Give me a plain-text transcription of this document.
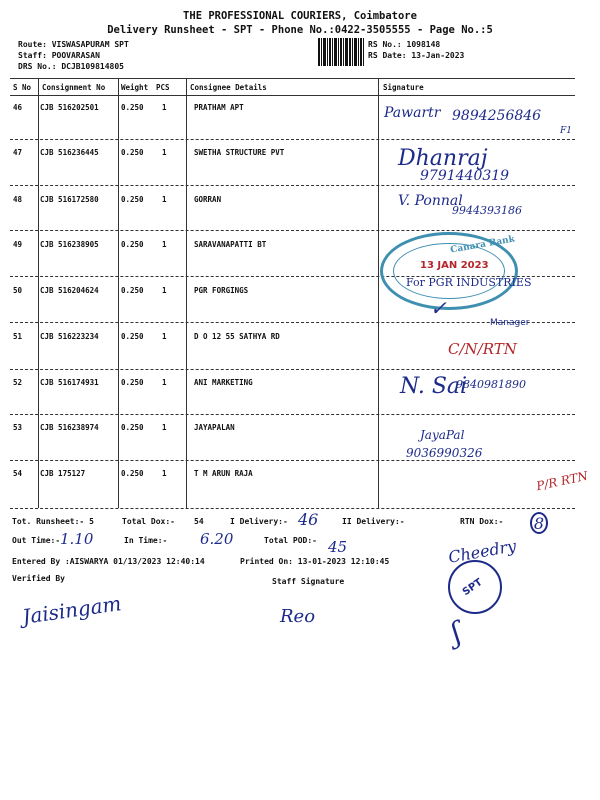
THE PROFESSIONAL COURIERS, Coimbatore
Delivery Runsheet - SPT - Phone No.:0422-3505555 - Page No.:5
Route: VISWASAPURAM SPT
Staff: POOVARASAN
DRS No.: DCJB109814805
RS No.: 1098148
RS Date: 13-Jan-2023
S No Consignment No Weight PCS	Consignee Details	Signature
46 CJB 516202501	0.250 1	PRATHAM APT
47 CJB 516236445	0.250 1	SWETHA STRUCTURE PVT
48 CJB 516172580	0.250 1	GORRAN
49 CJB 516238905	0.250 1	SARAVANAPATTI BT
50 CJB 516204624	0.250 1	PGR FORGINGS
51 CJB 516223234	0.250 1	D O 12 55 SATHYA RD
52 CJB 516174931	0.250 1	ANI MARKETING
53 CJB 516238974	0.250 1	JAYAPALAN
54 CJB 175127	0.250 1	T M ARUN RAJA
Pawartr 9894256846
F1
Dhanraj
9791440319
V. Ponnal
9944393186
Canara Bank
13 JAN 2023
For PGR INDUSTRIES
✓
Manager
C/N/RTN
N. Sai
9840981890
JayaPal
9036990326
P/R RTN
Tot. Runsheet:- 5	Total Dox:- 54	I Delivery:- 46	II Delivery:-	RTN Dox:- 8
Out Time:- 1.10	In Time:- 6.20	Total POD:- 45
Entered By :AISWARYA 01/13/2023 12:40:14	Printed On: 13-01-2023 12:10:45
Verified By	Staff Signature
Jaisingam	Reo
Cheedry
SPT
ʃ
